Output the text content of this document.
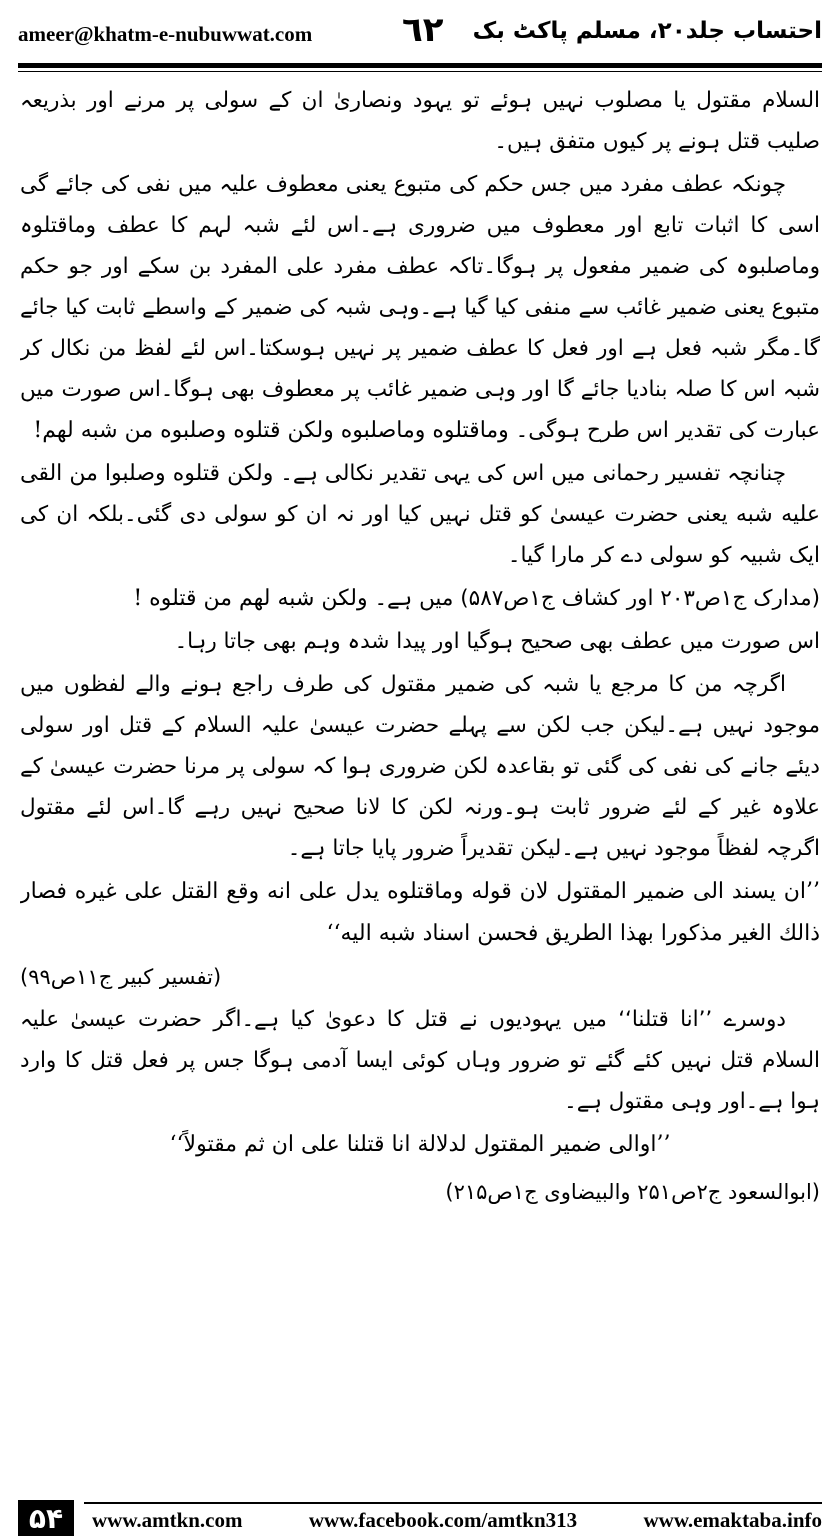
ameer@khatm-e-nubuwwat.com	٦٢ احتساب جلد۲۰، مسلم پاکٹ بک

السلام مقتول یا مصلوب نہیں ہوئے تو یہود ونصاریٰ ان کے سولی پر مرنے اور بذریعہ صلیب قتل ہونے پر کیوں متفق ہیں۔

چونکہ عطف مفرد میں جس حکم کی متبوع یعنی معطوف علیہ میں نفی کی جائے گی اسی کا اثبات تابع اور معطوف میں ضروری ہے۔اس لئے شبہ لہم کا عطف وماقتلوہ وماصلبوہ کی ضمیر مفعول پر ہوگا۔تاکہ عطف مفرد علی المفرد بن سکے اور جو حکم متبوع یعنی ضمیر غائب سے منفی کیا گیا ہے۔وہی شبہ کی ضمیر کے واسطے ثابت کیا جائے گا۔مگر شبہ فعل ہے اور فعل کا عطف ضمیر پر نہیں ہوسکتا۔اس لئے لفظ من نکال کر شبہ اس کا صلہ بنادیا جائے گا اور وہی ضمیر غائب پر معطوف بھی ہوگا۔اس صورت میں عبارت کی تقدیر اس طرح ہوگی۔ وماقتلوه وماصلبوه ولكن قتلوه وصلبوه من شبه لهم!

چنانچہ تفسیر رحمانی میں اس کی یہی تقدیر نکالی ہے۔ ولكن قتلوه وصلبوا من القى عليه شبه یعنی حضرت عیسیٰ کو قتل نہیں کیا اور نہ ان کو سولی دی گئی۔بلکہ ان کی ایک شبیہ کو سولی دے کر مارا گیا۔

(مدارک ج۱ص۲۰۳ اور کشاف ج۱ص۵۸۷) میں ہے۔ ولكن شبه لهم من قتلوه !

اس صورت میں عطف بھی صحیح ہوگیا اور پیدا شدہ وہم بھی جاتا رہا۔

اگرچہ من کا مرجع یا شبہ کی ضمیر مقتول کی طرف راجع ہونے والے لفظوں میں موجود نہیں ہے۔لیکن جب لکن سے پہلے حضرت عیسیٰ علیہ السلام کے قتل اور سولی دیئے جانے کی نفی کی گئی تو بقاعدہ لکن ضروری ہوا کہ سولی پر مرنا حضرت عیسیٰ کے علاوہ غیر کے لئے ضرور ثابت ہو۔ورنہ لکن کا لانا صحیح نہیں رہے گا۔اس لئے مقتول اگرچہ لفظاً موجود نہیں ہے۔لیکن تقدیراً ضرور پایا جاتا ہے۔

’’ان يسند الى ضمير المقتول لان قوله وماقتلوه يدل على انه وقع القتل على غيره فصار ذالك الغير مذكورا بهذا الطريق فحسن اسناد شبه اليه‘‘

(تفسیر کبیر ج۱۱ص۹۹)

دوسرے ’’انا قتلنا‘‘ میں یہودیوں نے قتل کا دعویٰ کیا ہے۔اگر حضرت عیسیٰ علیہ السلام قتل نہیں کئے گئے تو ضرور وہاں کوئی ایسا آدمی ہوگا جس پر فعل قتل کا وارد ہوا ہے۔اور وہی مقتول ہے۔

’’اوالى ضمير المقتول لدلالة انا قتلنا على ان ثم مقتولاً‘‘

(ابوالسعود ج۲ص۲۵۱ والبیضاوی ج۱ص۲۱۵)

۵۴	www.amtkn.com	www.facebook.com/amtkn313	www.emaktaba.info
